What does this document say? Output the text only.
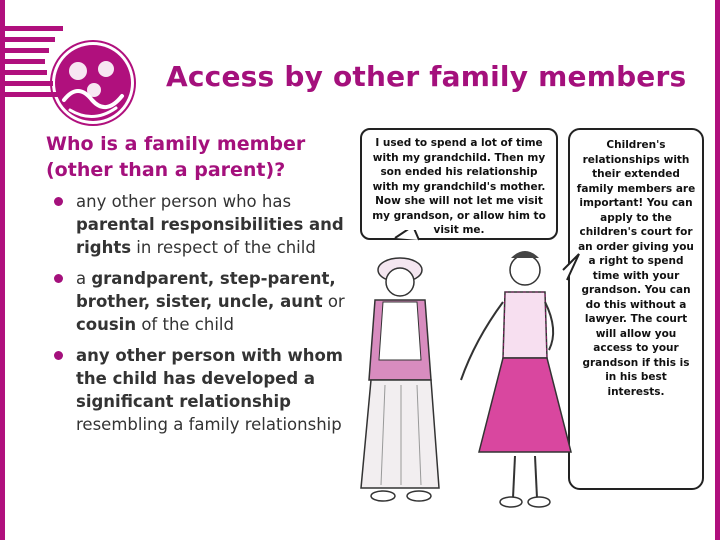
Access by other family members
Who is a family member
(other than a parent)?
any other person who has parental responsibilities and rights in respect of the child
a grandparent, step-parent, brother, sister, uncle, aunt or cousin of the child
any other person with whom the child has developed a significant relationship resembling a family relationship
I used to spend a lot of time with my grandchild. Then my son ended his relationship with my grandchild's mother. Now she will not let me visit my grandson, or allow him to visit me.
Children's relationships with their extended family members are important! You can apply to the children's court for an order giving you a right to spend time with your grandson. You can do this without a lawyer. The court will allow you access to your grandson if this is in his best interests.
